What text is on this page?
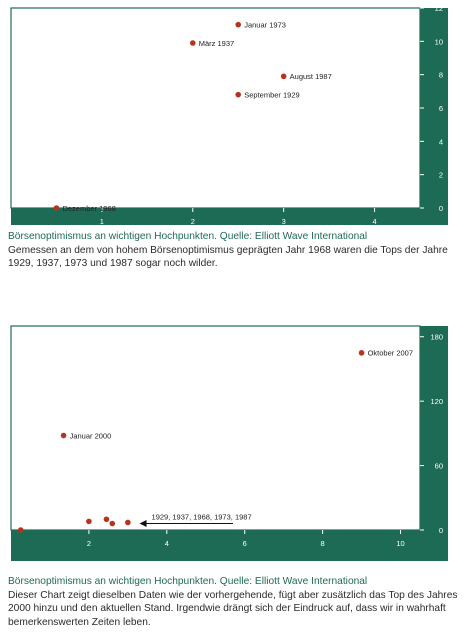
0
2
4
6
8
10
12
1	2	3	4
Dezember 1968
März 1937
Januar 1973
August 1987
September 1929
Börsenoptimismus an wichtigen Hochpunkten. Quelle: Elliott Wave International
Gemessen an dem von hohem Börsenoptimismus geprägten Jahr 1968 waren die Tops der Jahre 1929, 1937, 1973 und 1987 sogar noch wilder.
0
60
120
180
2	4	6	8	10
Oktober 2007
Januar 2000
1929, 1937, 1968, 1973, 1987
Börsenoptimismus an wichtigen Hochpunkten. Quelle: Elliott Wave International
Dieser Chart zeigt dieselben Daten wie der vorhergehende, fügt aber zusätzlich das Top des Jahres 2000 hinzu und den aktuellen Stand. Irgendwie drängt sich der Eindruck auf, dass wir in wahrhaft bemerkenswerten Zeiten leben.
